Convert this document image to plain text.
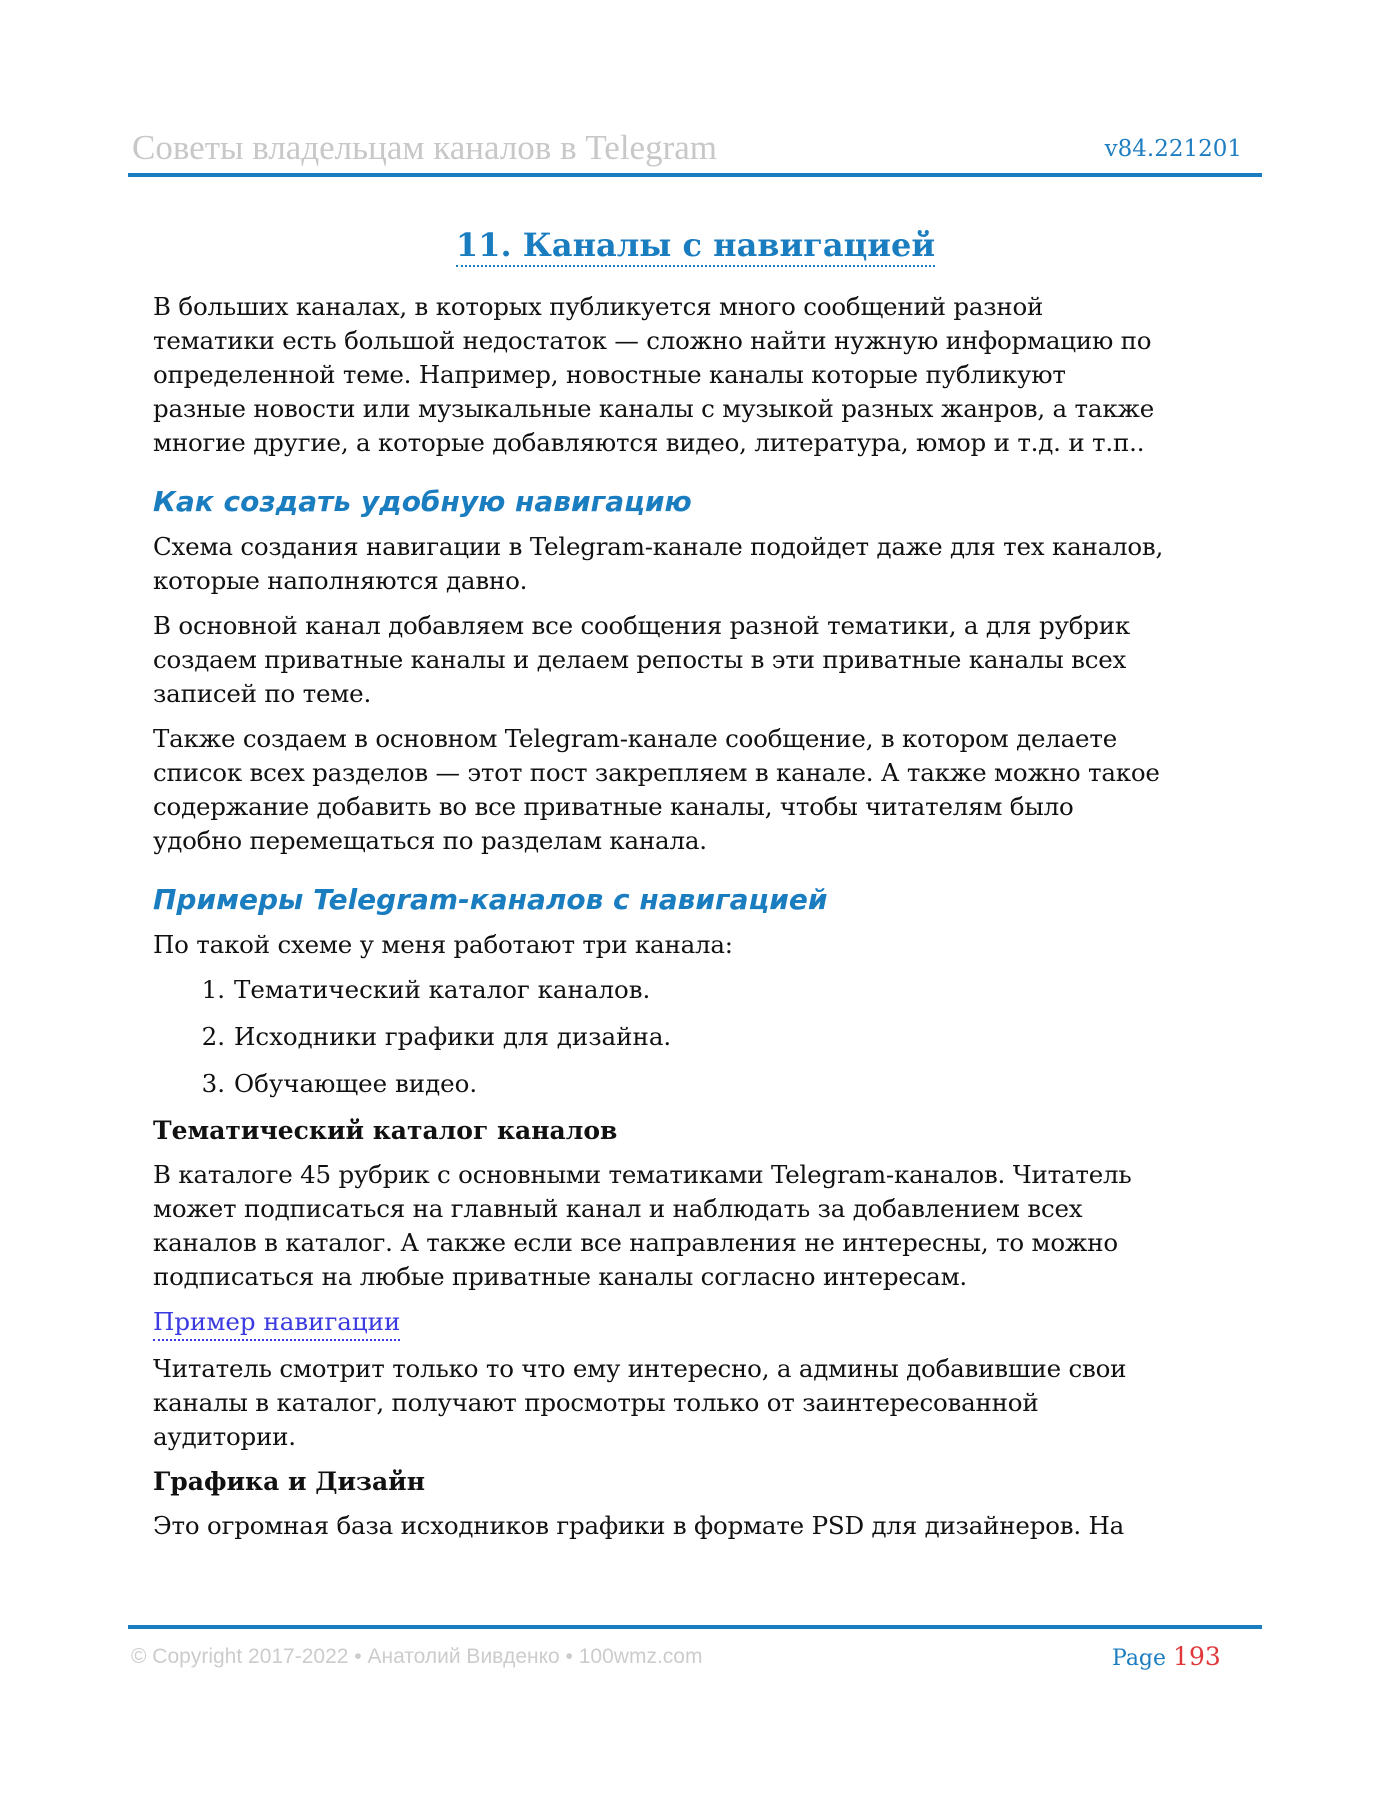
Советы владельцам каналов в Telegram	v84.221201
11. Каналы с навигацией

В больших каналах, в которых публикуется много сообщений разной
тематики есть большой недостаток — сложно найти нужную информацию по
определенной теме. Например, новостные каналы которые публикуют
разные новости или музыкальные каналы с музыкой разных жанров, а также
многие другие, а которые добавляются видео, литература, юмор и т.д. и т.п..

Как создать удобную навигацию

Схема создания навигации в Telegram-канале подойдет даже для тех каналов,
которые наполняются давно.

В основной канал добавляем все сообщения разной тематики, а для рубрик
создаем приватные каналы и делаем репосты в эти приватные каналы всех
записей по теме.

Также создаем в основном Telegram-канале сообщение, в котором делаете
список всех разделов — этот пост закрепляем в канале. А также можно такое
содержание добавить во все приватные каналы, чтобы читателям было
удобно перемещаться по разделам канала.

Примеры Telegram-каналов с навигацией

По такой схеме у меня работают три канала:

1. Тематический каталог каналов.
2. Исходники графики для дизайна.
3. Обучающее видео.
Тематический каталог каналов

В каталоге 45 рубрик с основными тематиками Telegram-каналов. Читатель
может подписаться на главный канал и наблюдать за добавлением всех
каналов в каталог. А также если все направления не интересны, то можно
подписаться на любые приватные каналы согласно интересам.

Пример навигации

Читатель смотрит только то что ему интересно, а админы добавившие свои
каналы в каталог, получают просмотры только от заинтересованной
аудитории.

Графика и Дизайн

Это огромная база исходников графики в формате PSD для дизайнеров. На

© Copyright 2017-2022 • Анатолий Вивденко • 100wmz.com	Page 193
